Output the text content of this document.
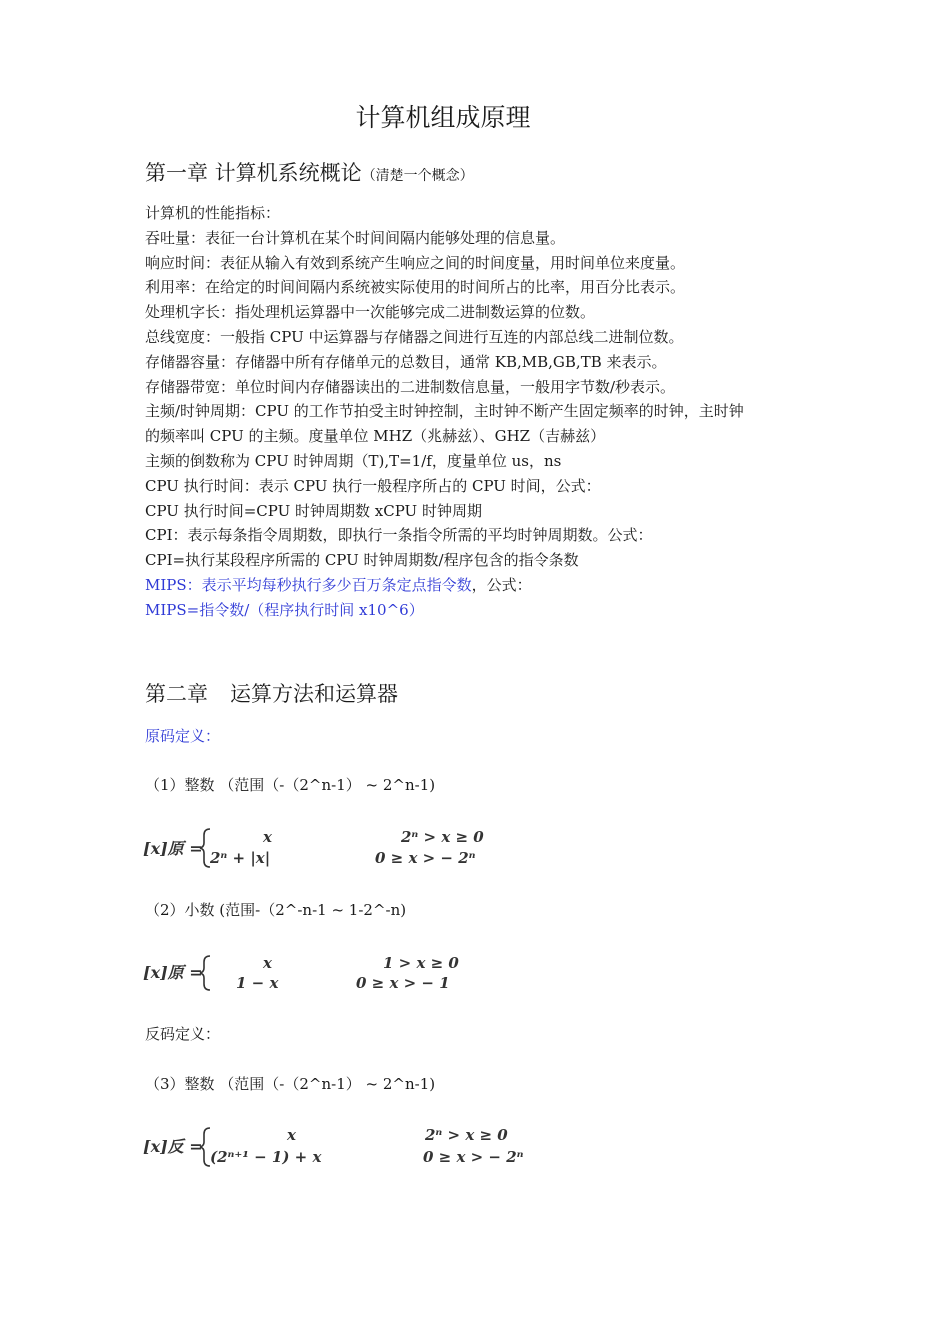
计算机组成原理
第一章 计算机系统概论（清楚一个概念）
计算机的性能指标：
吞吐量：表征一台计算机在某个时间间隔内能够处理的信息量。
响应时间：表征从输入有效到系统产生响应之间的时间度量，用时间单位来度量。
利用率：在给定的时间间隔内系统被实际使用的时间所占的比率，用百分比表示。
处理机字长：指处理机运算器中一次能够完成二进制数运算的位数。
总线宽度：一般指 CPU 中运算器与存储器之间进行互连的内部总线二进制位数。
存储器容量：存储器中所有存储单元的总数目，通常 KB,MB,GB,TB 来表示。
存储器带宽：单位时间内存储器读出的二进制数信息量，一般用字节数/秒表示。
主频/时钟周期：CPU 的工作节拍受主时钟控制，主时钟不断产生固定频率的时钟，主时钟
的频率叫 CPU 的主频。度量单位 MHZ（兆赫兹）、GHZ（吉赫兹）
主频的倒数称为 CPU 时钟周期（T),T=1/f，度量单位 us，ns
CPU 执行时间：表示 CPU 执行一般程序所占的 CPU 时间，公式：
CPU 执行时间=CPU 时钟周期数 xCPU 时钟周期
CPI：表示每条指令周期数，即执行一条指令所需的平均时钟周期数。公式：
CPI=执行某段程序所需的 CPU 时钟周期数/程序包含的指令条数
MIPS：表示平均每秒执行多少百万条定点指令数，公式：
MIPS=指令数/（程序执行时间 x10^6）
第二章 运算方法和运算器
原码定义：
（1）整数 （范围（-（2^n-1） ~ 2^n-1)
[x]原 =
x
2ⁿ + |x|
2ⁿ > x ≥ 0
0 ≥ x > − 2ⁿ
（2）小数 (范围-（2^-n-1 ~ 1-2^-n)
[x]原 =	x
1 − x
1 > x ≥ 0
0 ≥ x > − 1
反码定义：
（3）整数 （范围（-（2^n-1） ~ 2^n-1)
[x]反 =
x
(2ⁿ⁺¹ − 1) + x
2ⁿ > x ≥ 0
0 ≥ x > − 2ⁿ
